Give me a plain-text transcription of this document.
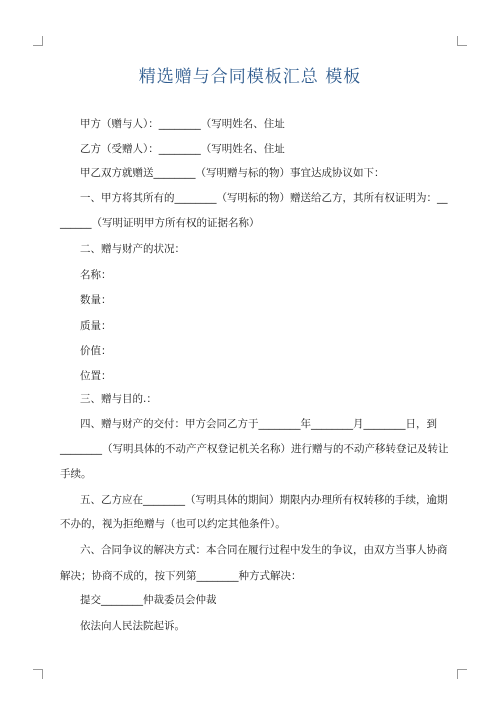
精选赠与合同模板汇总 模板
甲方（赠与人）：________（写明姓名、住址
乙方（受赠人）：________（写明姓名、住址
甲乙双方就赠送________（写明赠与标的物）事宜达成协议如下：
一、甲方将其所有的________（写明标的物）赠送给乙方，其所有权证明为：__
______（写明证明甲方所有权的证据名称）
二、赠与财产的状况：
名称：
数量：
质量：
价值：
位置：
三、赠与目的.：
四、赠与财产的交付：甲方会同乙方于________年________月________日，到
________（写明具体的不动产产权登记机关名称）进行赠与的不动产移转登记及转让
手续。
五、乙方应在________（写明具体的期间）期限内办理所有权转移的手续，逾期
不办的，视为拒绝赠与（也可以约定其他条件）。
六、合同争议的解决方式：本合同在履行过程中发生的争议，由双方当事人协商
解决；协商不成的，按下列第________种方式解决：
提交________仲裁委员会仲裁
依法向人民法院起诉。
